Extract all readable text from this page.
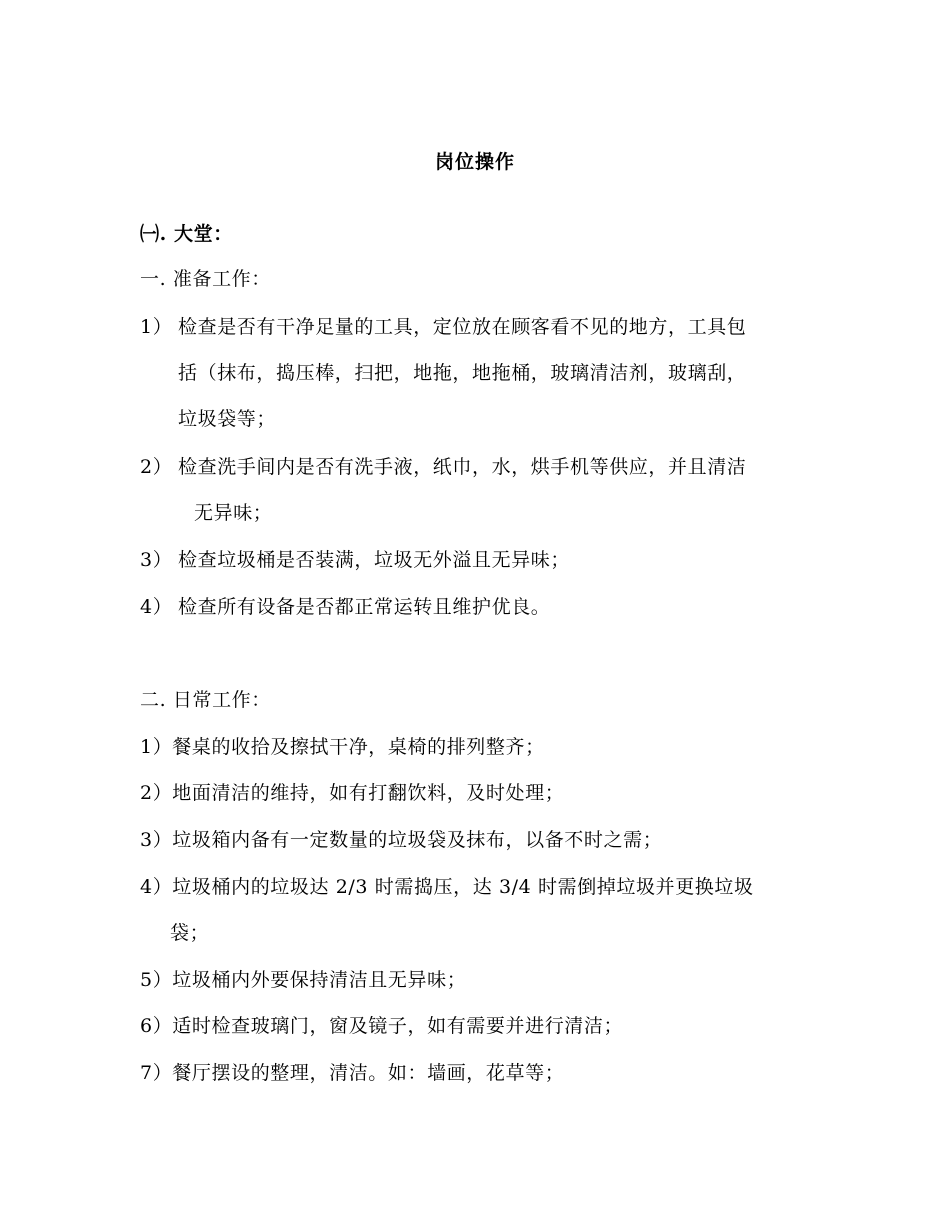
岗位操作
㈠. 大堂：
一. 准备工作：
1） 检查是否有干净足量的工具，定位放在顾客看不见的地方，工具包
括（抹布，捣压棒，扫把，地拖，地拖桶，玻璃清洁剂，玻璃刮，
垃圾袋等；
2） 检查洗手间内是否有洗手液，纸巾，水，烘手机等供应，并且清洁
无异味；
3） 检查垃圾桶是否装满，垃圾无外溢且无异味；
4） 检查所有设备是否都正常运转且维护优良。
二. 日常工作：
1）餐桌的收拾及擦拭干净，桌椅的排列整齐；
2）地面清洁的维持，如有打翻饮料，及时处理；
3）垃圾箱内备有一定数量的垃圾袋及抹布，以备不时之需；
4）垃圾桶内的垃圾达 2/3 时需捣压，达 3/4 时需倒掉垃圾并更换垃圾
袋；
5）垃圾桶内外要保持清洁且无异味；
6）适时检查玻璃门，窗及镜子，如有需要并进行清洁；
7）餐厅摆设的整理，清洁。如：墙画，花草等；
